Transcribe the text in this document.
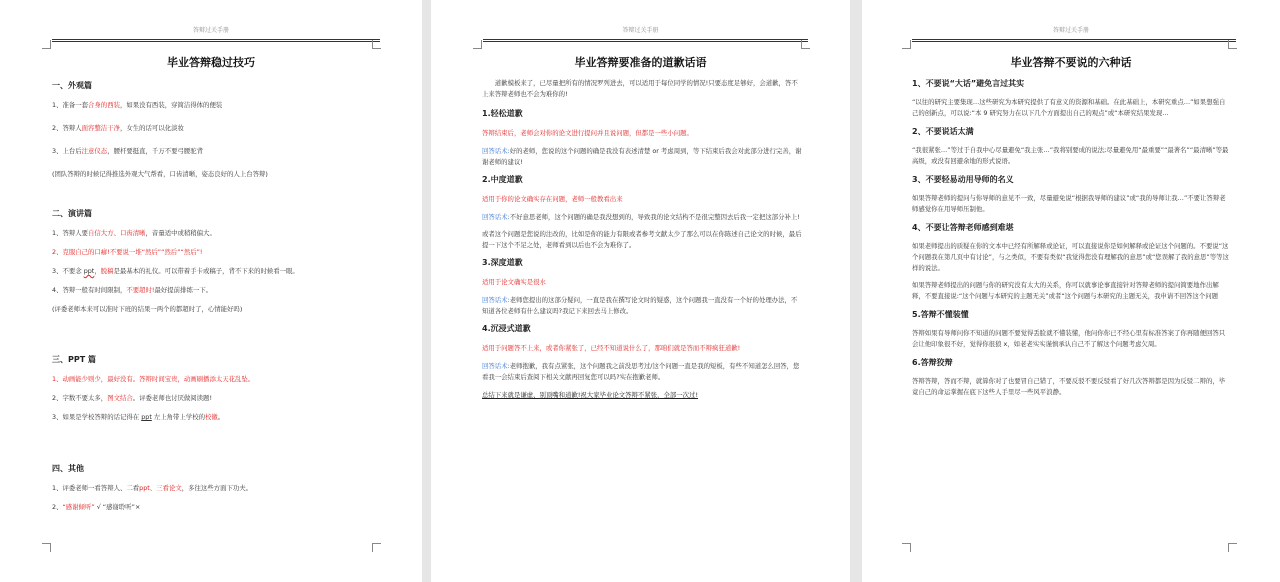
答辩过关手册
毕业答辩稳过技巧
一、外观篇
1、准备一套合身的西装，如果没有西装，穿简洁得体的便装
2、答辩人面容整洁干净，女生的话可以化淡妆
3、上台后注意仪态，腰杆要挺直，千万不要弓腰驼背
(团队答辩的时候记得推选外观大气帮看，口齿清晰，姿态良好的人上台答辩)
二、演讲篇
1、答辩人要自信大方、口齿清晰，音量适中或稍稍偏大。
2、克服自己的口癖!不要说一堆“然后”“然后”“然后”!
3、不要念 ppt，脱稿是最基本的礼仪。可以带着手卡或稿子，背不下来的时候看一眼。
4、答辩一般有时间限制，不要超时!最好提前排练一下。
(评委老师本来可以准时下班的结果一两个的都超时了，心情能好吗)
三、PPT 篇
1、动画能少则少，最好没有。答辩时间宝贵，动画刷播添太天花乱坠。
2、字数不要太多，图文结合。评委老师也讨厌做阅读题!
3、如果是学校答辩的话记得在 ppt 左上角带上学校的校徽。
四、其他
1、评委老师一看答辩人、二看ppt、三看论文，多往这些方面下功夫。
2、“感谢倾听” √ “感谢聆听”×
答辩过关手册
毕业答辩要准备的道歉话语
道歉模板来了，已尽量把所有的情况罗列进去，可以适用于每位同学的情况!只要态度足够好，会道歉，答不上来答辩老师也不会为难你的!
1.轻松道歉
答辩结束后，老师会对你的论文进行提问并且说问题，但都是一些小问题。
回答话术:好的老师，您说的这个问题的确是我没有表述清楚 or 考虑周到，等下结束后我会对此部分进行完善，谢谢老师的建议!
2.中度道歉
适用于你的论文确实存在问题，老师一般教看出来
回答话术:不好意思老师，这个问题的确是我没想到的，导致我的论文结构不是很完整因去后我一定把这部分补上!
或者这个问题是您说的注改的，比如是你的能力有限或者参考文献太少了那么可以在你陈述自己论文的时候，最后提一下这个不足之处，老师看到以后也不会为难你了。
3.深度道歉
适用于论文确实是很水
回答话术:老师您提出的这部分疑问，一直是我在撰写论文时的疑惑，这个问题我一直没有一个好的处理办法，不知道各位老师有什么建议吗?我记下来回去马上修改。
4.沉浸式道歉
适用于问题答不上来，或者你紧张了，已经不知道说什么了，那咱们就是答而不辩疯狂道歉!
回答话术:老师抱歉，我有点紧张，这个问题我之前没思考过/这个问题一直是我的短板，有些不知道怎么回答，您看我一会结束后查阅下相关文献再回复您可以吗?实在抱歉老师。
总结下来就是谦虚、别顶嘴和道歉!祝大家毕业论文答辩不紧张，全部一次过!
答辩过关手册
毕业答辩不要说的六种话
1、不要说“大话”避免言过其实
“以往的研究主要集现…这些研究为本研究提供了有意义的资源和基础。在此基础上，本研究重点…”如果想强自己的创新点，可以说:“本 9 研究努力在以下几个方面提出自己的观点”或“本研究结果发现…
2、不要说话太满
“我很紧张…”等过于自我中心尽量避免“我主张…”我将别要成的说法;尽量避免用“最重要”“最著名”“最清晰”等最高级，或没有回避余地的形式说语。
3、不要轻易动用导师的名义
如果答辩老师的提问与你导师的意见不一致，尽量避免说“根据我导师的建议”或“我的导师让我…”不要让答辩老师感觉你在用导师压制他。
4、不要让答辩老师感到难堪
如果老师提出的质疑在你的文本中已经有所解释或论证，可以直接说你是如何解释或论证这个问题的。不要说“这个问题我在第几页中有讨论”，与之类似，不要有类似“我觉得您没有理解我的意思”或“您误解了我的意思”等等这样的说法。
如果答辩老师提出的问题与你的研究没有太大的关系，你可以就事论事直接针对答辩老师的提问简要地作出解释，不要直接说:“这个问题与本研究的主题无关”或者“这个问题与本研究的主题无关，我申请不回答这个问题
5.答辩不懂装懂
答辩如果有导师问你不知道的问题不要觉得丢脸就不懂装懂，他问你你已不经心里有标准答案了你再随便回答只会让他印象很不好，觉得你很狼 x，如老老实实谨慎承认自己不了解这个问题考虑欠周。
6.答辩狡辩
答辩答辩，答而不辩，就算你对了也要冒自己错了，不要反驳不要反驳看了好几次答辩都是因为反驳二辩的，毕竟自己的命运掌握在底下这些人手里尽一些风平浪静。
